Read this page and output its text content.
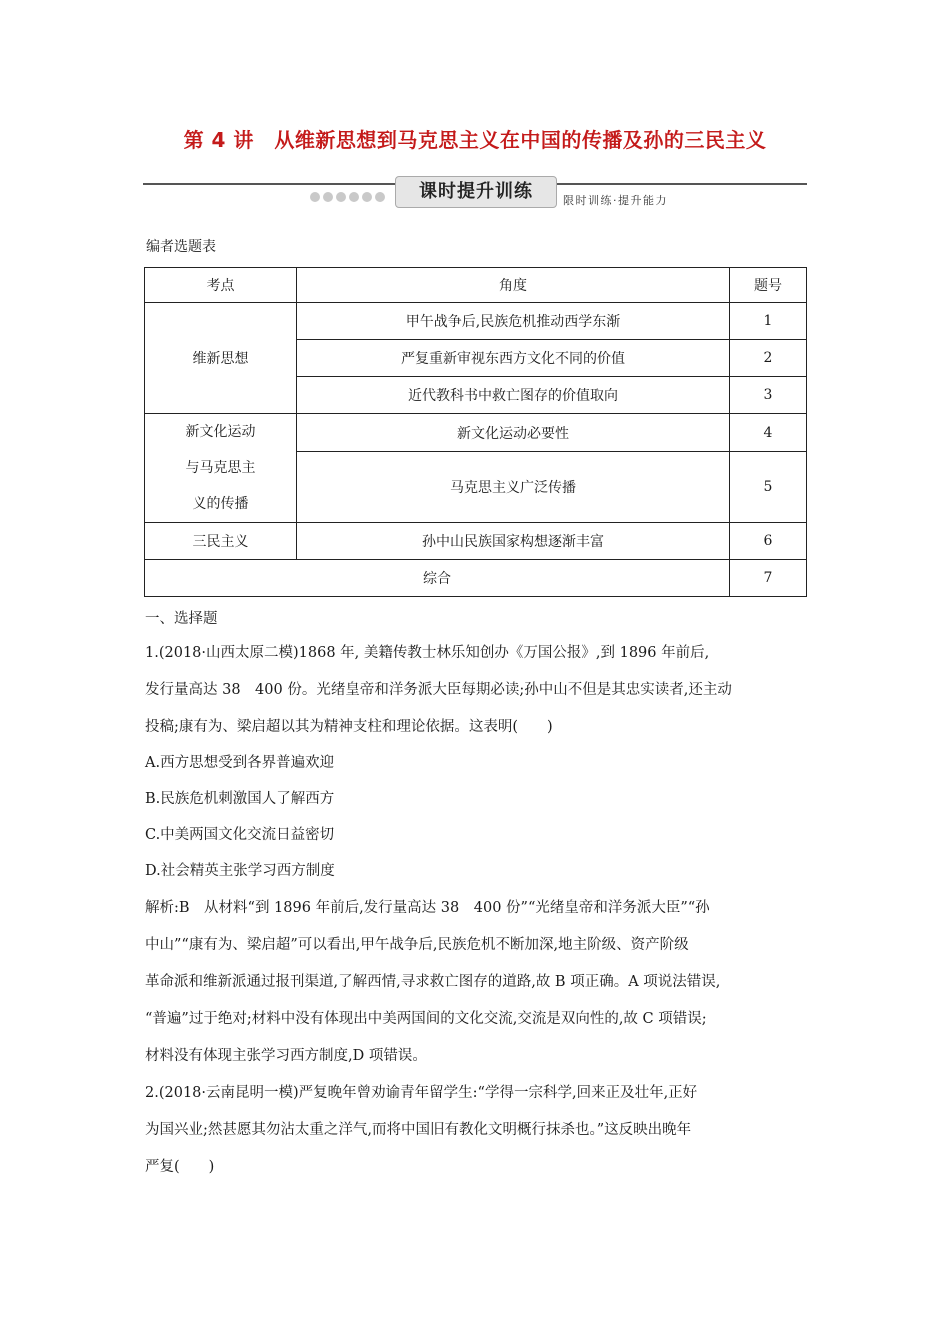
第 4 讲　从维新思想到马克思主义在中国的传播及孙的三民主义
课时提升训练	限时训练·提升能力
编者选题表
考点	角度	题号
维新思想	甲午战争后,民族危机推动西学东渐	1
	严复重新审视东西方文化不同的价值	2
	近代教科书中救亡图存的价值取向	3

新文化运动
与马克思主
义的传播	新文化运动必要性	4
	马克思主义广泛传播	5
三民主义	孙中山民族国家构想逐渐丰富	6
综合		7
一、选择题
1.(2018·山西太原二模)1868 年, 美籍传教士林乐知创办《万国公报》,到 1896 年前后,
发行量高达 38　400 份。光绪皇帝和洋务派大臣每期必读;孙中山不但是其忠实读者,还主动
投稿;康有为、梁启超以其为精神支柱和理论依据。这表明(　　)
A.西方思想受到各界普遍欢迎
B.民族危机刺激国人了解西方
C.中美两国文化交流日益密切
D.社会精英主张学习西方制度
解析:B　从材料“到 1896 年前后,发行量高达 38　400 份”“光绪皇帝和洋务派大臣”“孙
中山”“康有为、梁启超”可以看出,甲午战争后,民族危机不断加深,地主阶级、资产阶级
革命派和维新派通过报刊渠道,了解西情,寻求救亡图存的道路,故 B 项正确。A 项说法错误,
“普遍”过于绝对;材料中没有体现出中美两国间的文化交流,交流是双向性的,故 C 项错误;
材料没有体现主张学习西方制度,D 项错误。
2.(2018·云南昆明一模)严复晚年曾劝谕青年留学生:“学得一宗科学,回来正及壮年,正好
为国兴业;然甚愿其勿沾太重之洋气,而将中国旧有教化文明概行抹杀也。”这反映出晚年
严复(　　)
